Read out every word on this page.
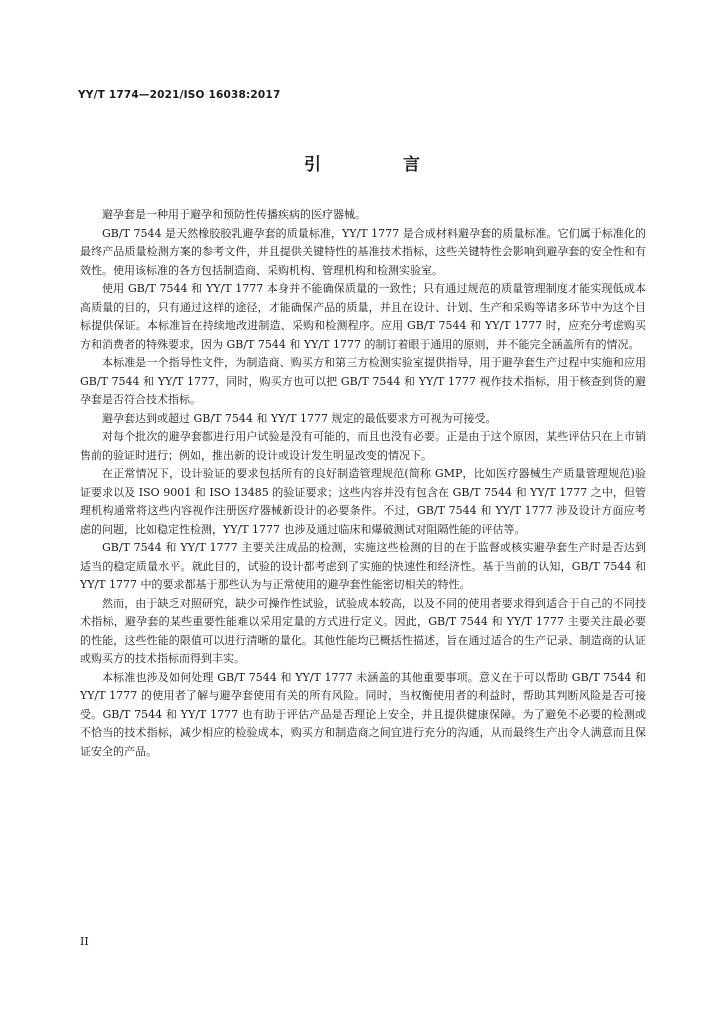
YY/T 1774—2021/ISO 16038:2017
引 言

避孕套是一种用于避孕和预防性传播疾病的医疗器械。

GB/T 7544 是天然橡胶胶乳避孕套的质量标准，YY/T 1777 是合成材料避孕套的质量标准。它们属于标准化的最终产品质量检测方案的参考文件，并且提供关键特性的基准技术指标，这些关键特性会影响到避孕套的安全性和有效性。使用该标准的各方包括制造商、采购机构、管理机构和检测实验室。

使用 GB/T 7544 和 YY/T 1777 本身并不能确保质量的一致性；只有通过规范的质量管理制度才能实现低成本高质量的目的，只有通过这样的途径，才能确保产品的质量，并且在设计、计划、生产和采购等诸多环节中为这个目标提供保证。本标准旨在持续地改进制造、采购和检测程序。应用 GB/T 7544 和 YY/T 1777 时，应充分考虑购买方和消费者的特殊要求，因为 GB/T 7544 和 YY/T 1777 的制订着眼于通用的原则，并不能完全涵盖所有的情况。

本标准是一个指导性文件，为制造商、购买方和第三方检测实验室提供指导，用于避孕套生产过程中实施和应用 GB/T 7544 和 YY/T 1777，同时，购买方也可以把 GB/T 7544 和 YY/T 1777 视作技术指标，用于核查到货的避孕套是否符合技术指标。

避孕套达到或超过 GB/T 7544 和 YY/T 1777 规定的最低要求方可视为可接受。

对每个批次的避孕套都进行用户试验是没有可能的，而且也没有必要。正是由于这个原因，某些评估只在上市销售前的验证时进行；例如，推出新的设计或设计发生明显改变的情况下。

在正常情况下，设计验证的要求包括所有的良好制造管理规范(简称 GMP，比如医疗器械生产质量管理规范)验证要求以及 ISO 9001 和 ISO 13485 的验证要求；这些内容并没有包含在 GB/T 7544 和 YY/T 1777 之中，但管理机构通常将这些内容视作注册医疗器械新设计的必要条件。不过，GB/T 7544 和 YY/T 1777 涉及设计方面应考虑的问题，比如稳定性检测，YY/T 1777 也涉及通过临床和爆破测试对阻隔性能的评估等。

GB/T 7544 和 YY/T 1777 主要关注成品的检测，实施这些检测的目的在于监督或核实避孕套生产时是否达到适当的稳定质量水平。就此目的，试验的设计都考虑到了实施的快速性和经济性。基于当前的认知，GB/T 7544 和 YY/T 1777 中的要求都基于那些认为与正常使用的避孕套性能密切相关的特性。

然而，由于缺乏对照研究，缺少可操作性试验，试验成本较高，以及不同的使用者要求得到适合于自己的不同技术指标，避孕套的某些重要性能难以采用定量的方式进行定义。因此，GB/T 7544 和 YY/T 1777 主要关注最必要的性能，这些性能的限值可以进行清晰的量化。其他性能均已概括性描述，旨在通过适合的生产记录、制造商的认证或购买方的技术指标而得到丰实。

本标准也涉及如何处理 GB/T 7544 和 YY/T 1777 未涵盖的其他重要事项。意义在于可以帮助 GB/T 7544 和 YY/T 1777 的使用者了解与避孕套使用有关的所有风险。同时，当权衡使用者的利益时，帮助其判断风险是否可接受。GB/T 7544 和 YY/T 1777 也有助于评估产品是否理论上安全，并且提供健康保障。为了避免不必要的检测或不恰当的技术指标，减少相应的检验成本，购买方和制造商之间宜进行充分的沟通，从而最终生产出令人满意而且保证安全的产品。

II
